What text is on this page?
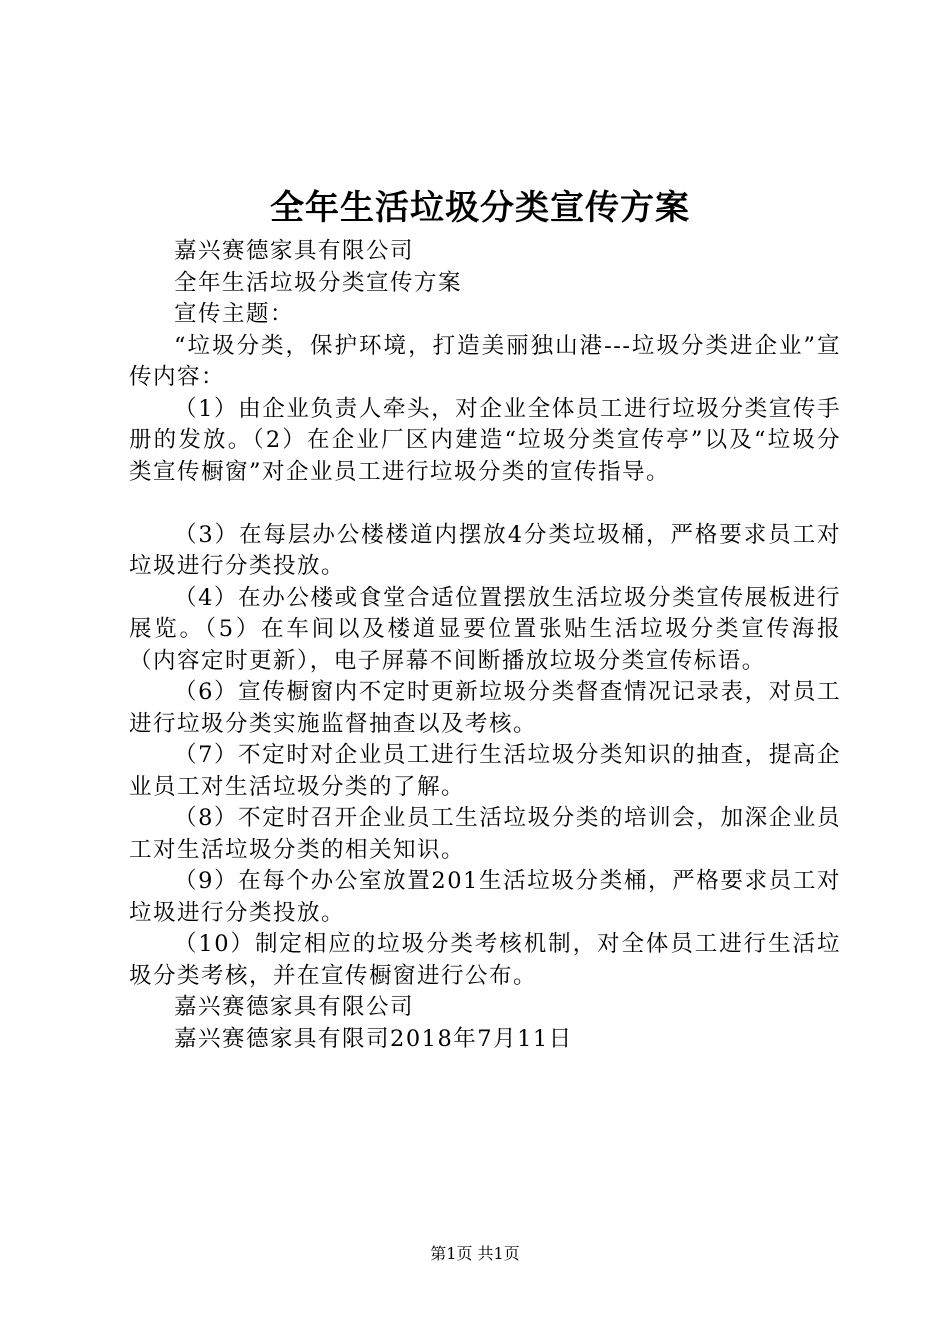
全年生活垃圾分类宣传方案

嘉兴赛德家具有限公司

全年生活垃圾分类宣传方案

宣传主题：

“垃圾分类，保护环境，打造美丽独山港---垃圾分类进企业”宣传内容：

（1）由企业负责人牵头，对企业全体员工进行垃圾分类宣传手册的发放。（2）在企业厂区内建造“垃圾分类宣传亭”以及“垃圾分类宣传橱窗”对企业员工进行垃圾分类的宣传指导。

（3）在每层办公楼楼道内摆放4分类垃圾桶，严格要求员工对垃圾进行分类投放。

（4）在办公楼或食堂合适位置摆放生活垃圾分类宣传展板进行展览。（5）在车间以及楼道显要位置张贴生活垃圾分类宣传海报（内容定时更新），电子屏幕不间断播放垃圾分类宣传标语。

（6）宣传橱窗内不定时更新垃圾分类督查情况记录表，对员工进行垃圾分类实施监督抽查以及考核。

（7）不定时对企业员工进行生活垃圾分类知识的抽查，提高企业员工对生活垃圾分类的了解。

（8）不定时召开企业员工生活垃圾分类的培训会，加深企业员工对生活垃圾分类的相关知识。

（9）在每个办公室放置201生活垃圾分类桶，严格要求员工对垃圾进行分类投放。

（10）制定相应的垃圾分类考核机制，对全体员工进行生活垃圾分类考核，并在宣传橱窗进行公布。

嘉兴赛德家具有限公司

嘉兴赛德家具有限司2018年7月11日

第1页 共1页
